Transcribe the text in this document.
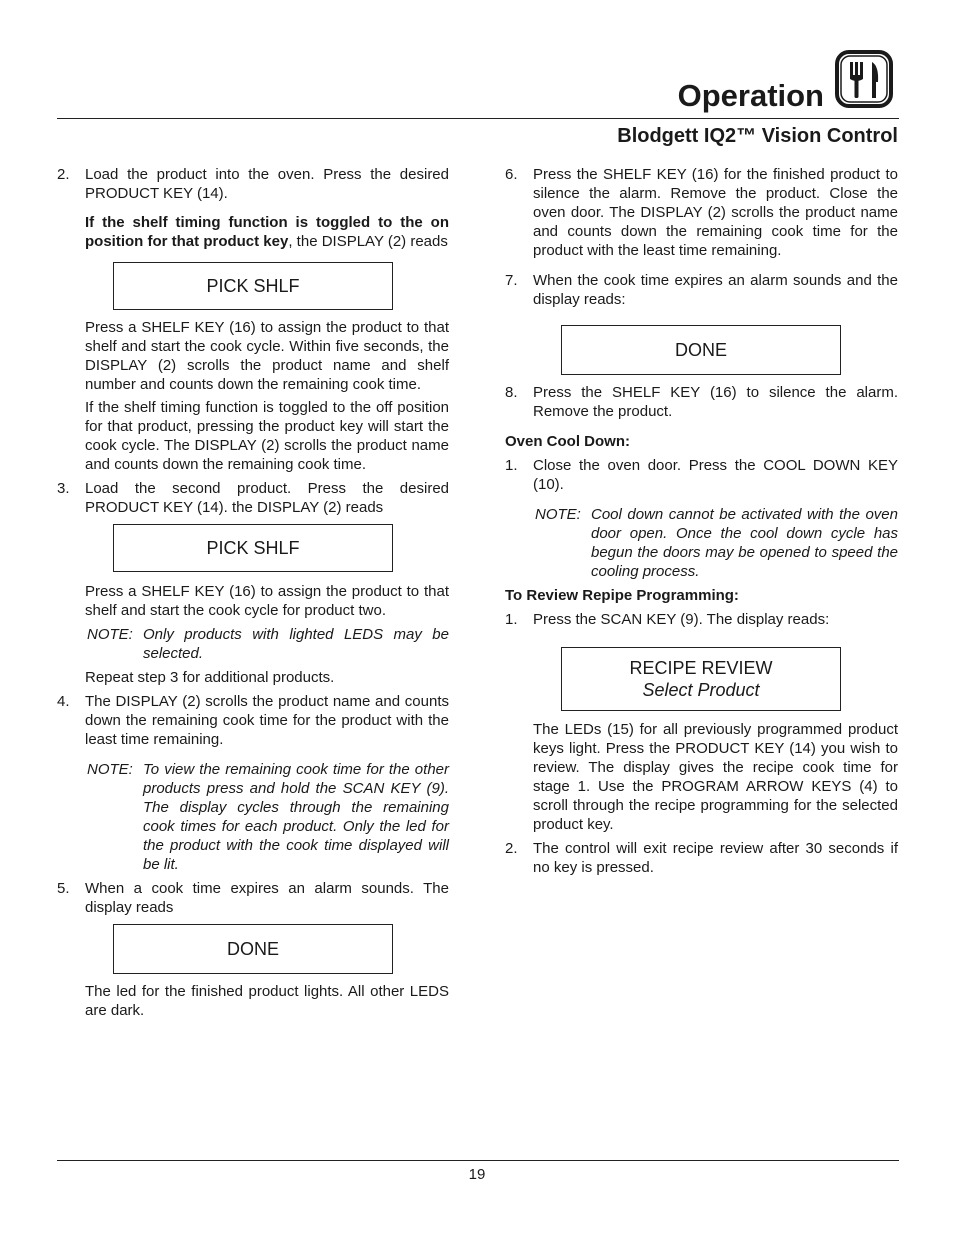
Operation
Blodgett IQ2™ Vision Control
2. Load the product into the oven. Press the desired PRODUCT KEY (14).
If the shelf timing function is toggled to the on position for that product key, the DISPLAY (2) reads
PICK SHLF
Press a SHELF KEY (16) to assign the product to that shelf and start the cook cycle. Within five seconds, the DISPLAY (2) scrolls the product name and shelf number and counts down the remaining cook time.
If the shelf timing function is toggled to the off position for that product, pressing the product key will start the cook cycle. The DISPLAY (2) scrolls the product name and counts down the remaining cook time.
3. Load the second product. Press the desired PRODUCT KEY (14). the DISPLAY (2) reads
PICK SHLF
Press a SHELF KEY (16) to assign the product to that shelf and start the cook cycle for product two.
NOTE: Only products with lighted LEDS may be selected.
Repeat step 3 for additional products.
4. The DISPLAY (2) scrolls the product name and counts down the remaining cook time for the product with the least time remaining.
NOTE: To view the remaining cook time for the other products press and hold the SCAN KEY (9). The display cycles through the remaining cook times for each product. Only the led for the product with the cook time displayed will be lit.
5. When a cook time expires an alarm sounds. The display reads
DONE
The led for the finished product lights. All other LEDS are dark.
6. Press the SHELF KEY (16) for the finished product to silence the alarm. Remove the product. Close the oven door. The DISPLAY (2) scrolls the product name and counts down the remaining cook time for the product with the least time remaining.
7. When the cook time expires an alarm sounds and the display reads:
DONE
8. Press the SHELF KEY (16) to silence the alarm. Remove the product.
Oven Cool Down:
1. Close the oven door. Press the COOL DOWN KEY (10).
NOTE: Cool down cannot be activated with the oven door open. Once the cool down cycle has begun the doors may be opened to speed the cooling process.
To Review Repipe Programming:
1. Press the SCAN KEY (9). The display reads:
RECIPE REVIEW
Select Product
The LEDs (15) for all previously programmed product keys light. Press the PRODUCT KEY (14) you wish to review. The display gives the recipe cook time for stage 1. Use the PROGRAM ARROW KEYS (4) to scroll through the recipe programming for the selected product key.
2. The control will exit recipe review after 30 seconds if no key is pressed.
19
